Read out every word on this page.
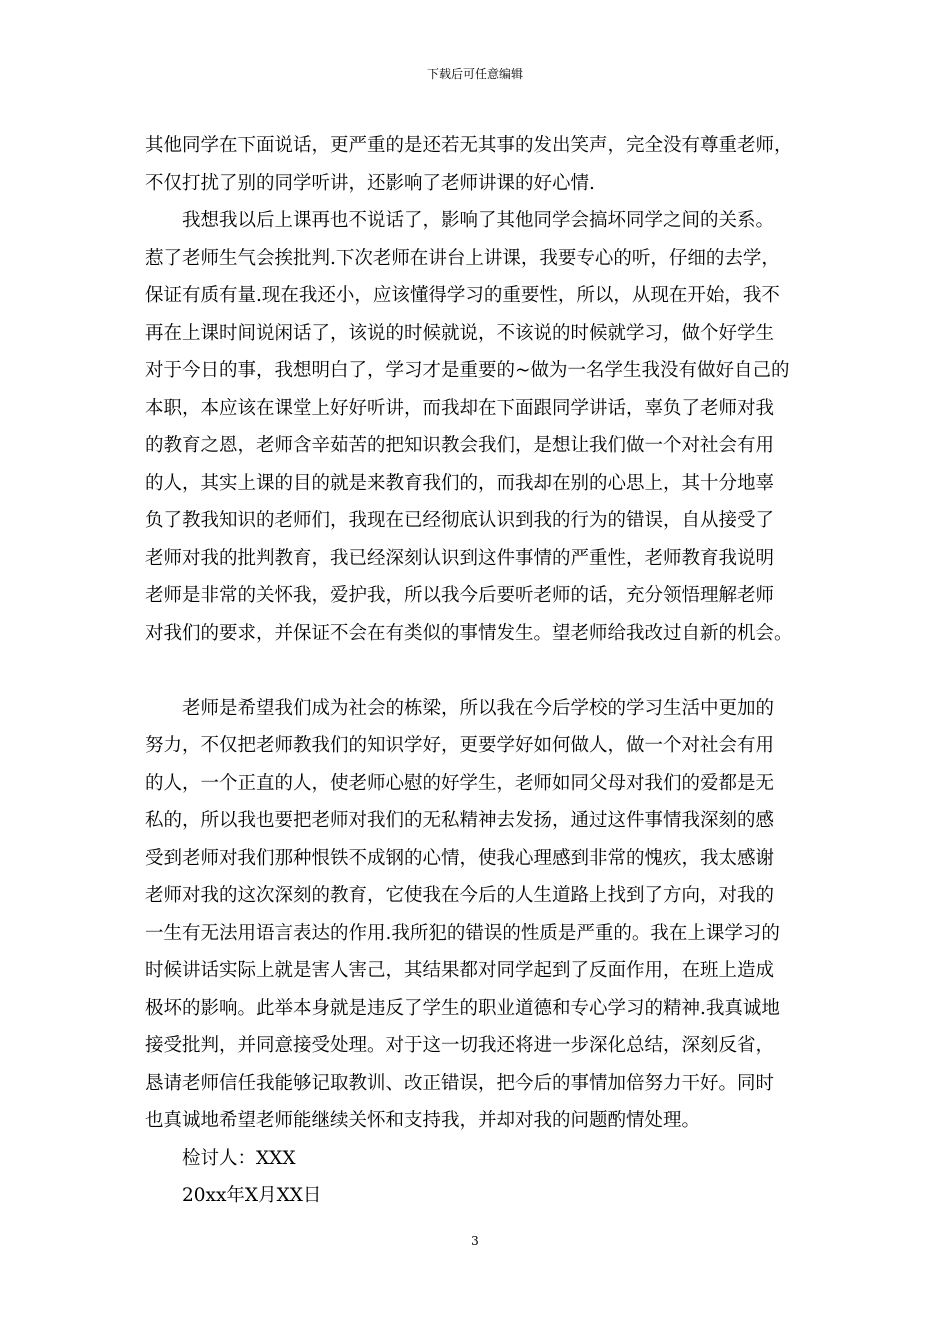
下载后可任意编辑
其他同学在下面说话，更严重的是还若无其事的发出笑声，完全没有尊重老师，
不仅打扰了别的同学听讲，还影响了老师讲课的好心情.
我想我以后上课再也不说话了，影响了其他同学会搞坏同学之间的关系。
惹了老师生气会挨批判.下次老师在讲台上讲课，我要专心的听，仔细的去学，
保证有质有量.现在我还小，应该懂得学习的重要性，所以，从现在开始，我不
再在上课时间说闲话了，该说的时候就说，不该说的时候就学习，做个好学生
对于今日的事，我想明白了，学习才是重要的~做为一名学生我没有做好自己的
本职，本应该在课堂上好好听讲，而我却在下面跟同学讲话，辜负了老师对我
的教育之恩，老师含辛茹苦的把知识教会我们，是想让我们做一个对社会有用
的人，其实上课的目的就是来教育我们的，而我却在别的心思上，其十分地辜
负了教我知识的老师们，我现在已经彻底认识到我的行为的错误，自从接受了
老师对我的批判教育，我已经深刻认识到这件事情的严重性，老师教育我说明
老师是非常的关怀我，爱护我，所以我今后要听老师的话，充分领悟理解老师
对我们的要求，并保证不会在有类似的事情发生。望老师给我改过自新的机会。
老师是希望我们成为社会的栋梁，所以我在今后学校的学习生活中更加的
努力，不仅把老师教我们的知识学好，更要学好如何做人，做一个对社会有用
的人，一个正直的人，使老师心慰的好学生，老师如同父母对我们的爱都是无
私的，所以我也要把老师对我们的无私精神去发扬，通过这件事情我深刻的感
受到老师对我们那种恨铁不成钢的心情，使我心理感到非常的愧疚，我太感谢
老师对我的这次深刻的教育，它使我在今后的人生道路上找到了方向，对我的
一生有无法用语言表达的作用.我所犯的错误的性质是严重的。我在上课学习的
时候讲话实际上就是害人害己，其结果都对同学起到了反面作用，在班上造成
极坏的影响。此举本身就是违反了学生的职业道德和专心学习的精神.我真诚地
接受批判，并同意接受处理。对于这一切我还将进一步深化总结，深刻反省，
恳请老师信任我能够记取教训、改正错误，把今后的事情加倍努力干好。同时
也真诚地希望老师能继续关怀和支持我，并却对我的问题酌情处理。
检讨人：XXX
20xx年X月XX日
3
